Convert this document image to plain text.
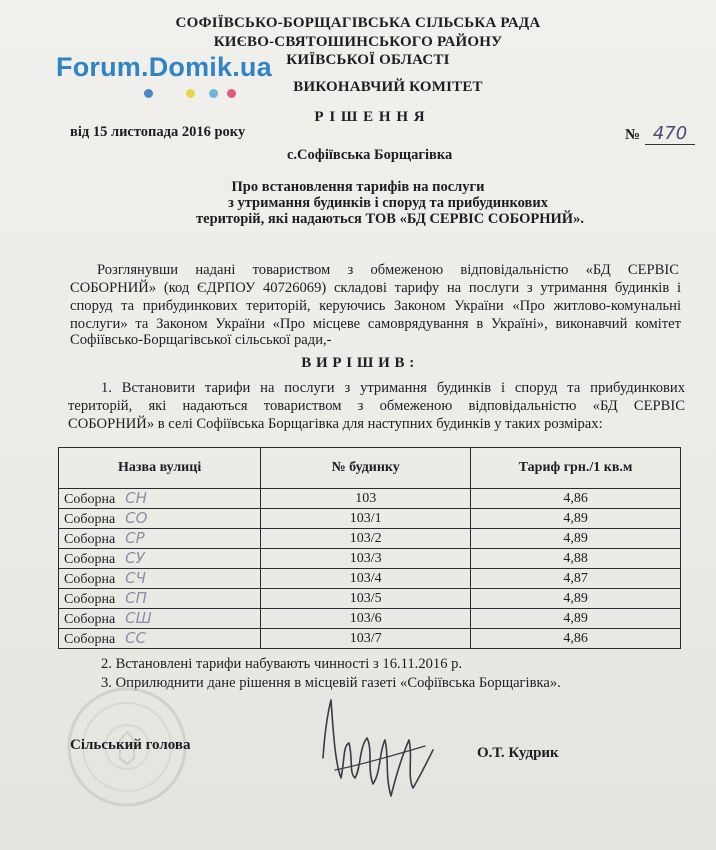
СОФІЇВСЬКО-БОРЩАГІВСЬКА СІЛЬСЬКА РАДА
КИЄВО-СВЯТОШИНСЬКОГО РАЙОНУ
КИЇВСЬКОЇ ОБЛАСТІ
ВИКОНАВЧИЙ КОМІТЕТ
Forum.Domik.ua
Р І Ш Е Н Н Я
від 15 листопада 2016 року	№ 470
с.Софіївська Борщагівка
Про встановлення тарифів на послуги
з утримання будинків і споруд та прибудинкових
територій, які надаються ТОВ «БД СЕРВІС СОБОРНИЙ».
Розглянувши надані товариством з обмеженою відповідальністю «БД СЕРВІС
СОБОРНИЙ» (код ЄДРПОУ 40726069) складові тарифу на послуги з утримання будинків і
споруд та прибудинкових територій, керуючись Законом України «Про житлово-комунальні
послуги» та Законом України «Про місцеве самоврядування в Україні», виконавчий комітет
Софіївсько-Борщагівської сільської ради,-
В И Р І Ш И В :
1. Встановити тарифи на послуги з утримання будинків і споруд та прибудинкових
територій, які надаються товариством з обмеженою відповідальністю «БД СЕРВІС
СОБОРНИЙ» в селі Софіївська Борщагівка для наступних будинків у таких розмірах:
Назва вулиці	№ будинку	Тариф грн./1 кв.м
Соборна СН	103	4,86
Соборна СО	103/1	4,89
Соборна СР	103/2	4,89
Соборна СУ	103/3	4,88
Соборна СЧ	103/4	4,87
Соборна СП	103/5	4,89
Соборна СШ	103/6	4,89
Соборна СС	103/7	4,86
2. Встановлені тарифи набувають чинності з 16.11.2016 р.
3. Оприлюднити дане рішення в місцевій газеті «Софіївська Борщагівка».
Сільський голова	О.Т. Кудрик
